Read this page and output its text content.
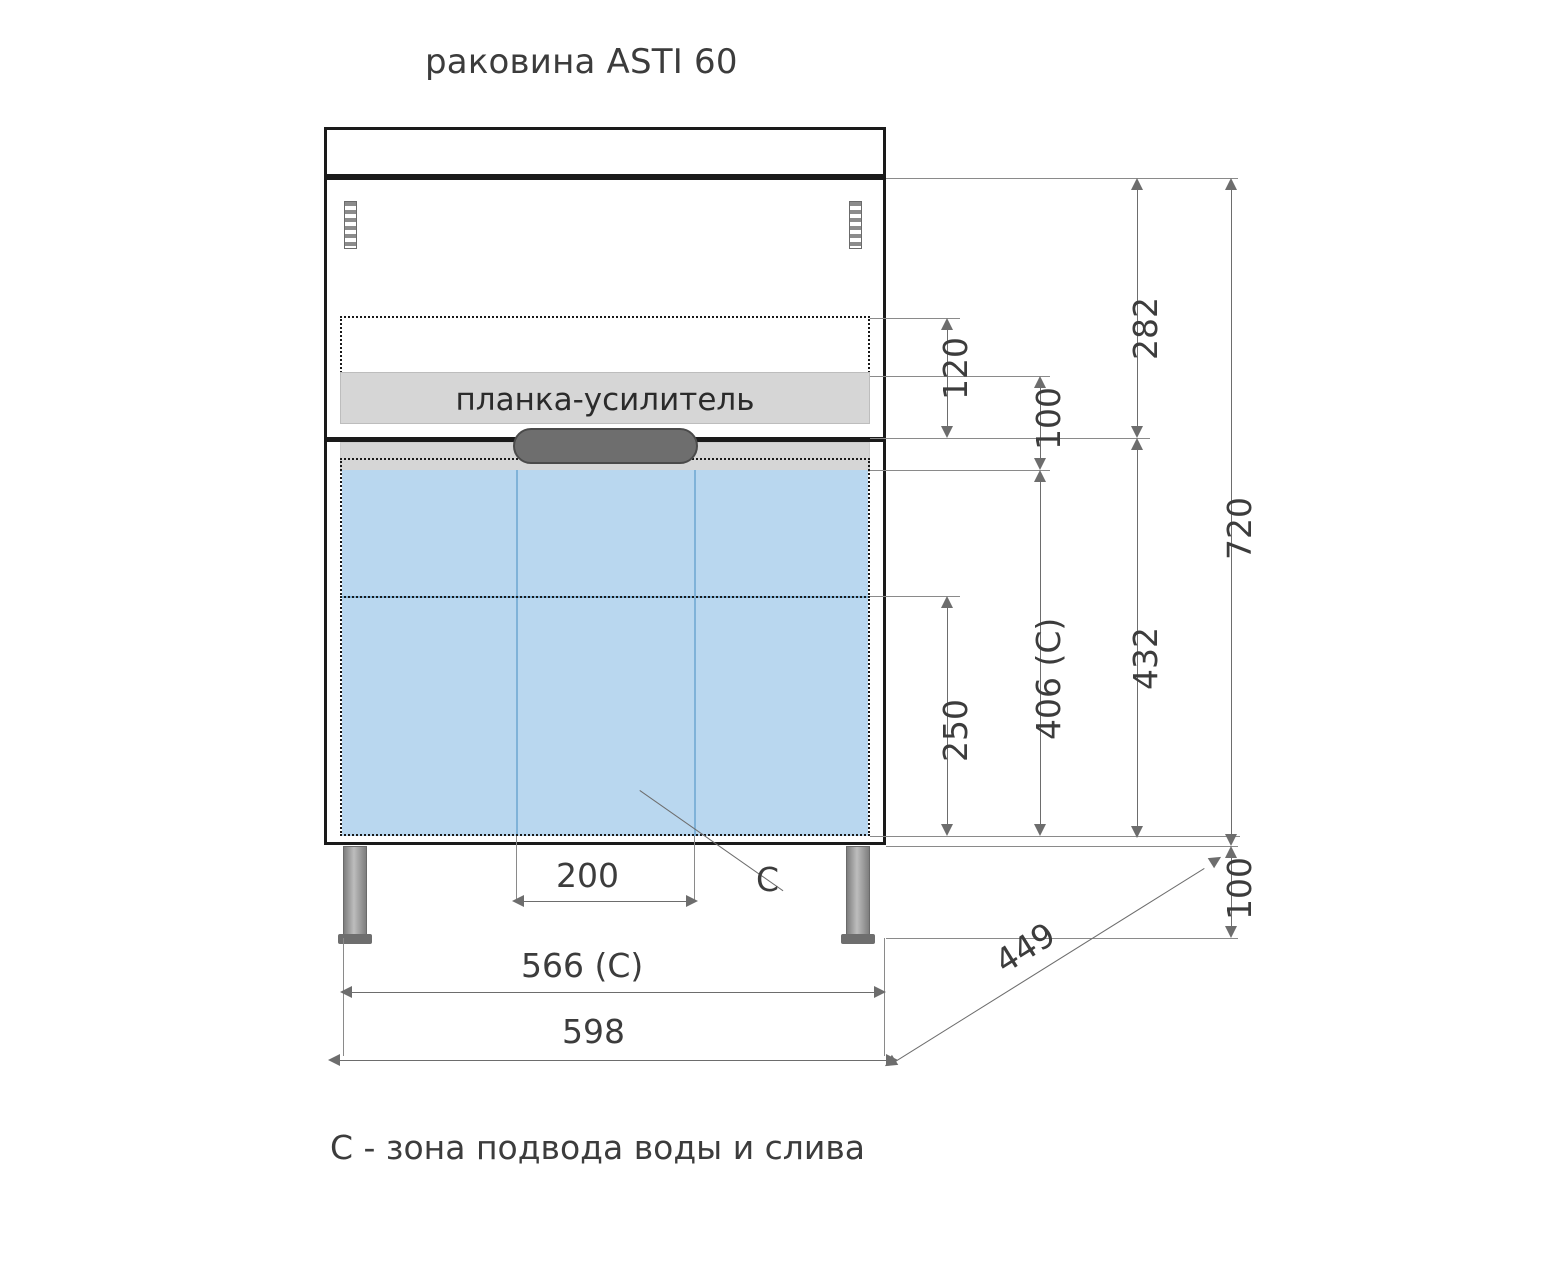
раковина ASTI 60
планка-усилитель
282
120
100
406 (C) 432
250
720
100
200
566 (C)
598
449
C
C - зона подвода воды и слива
